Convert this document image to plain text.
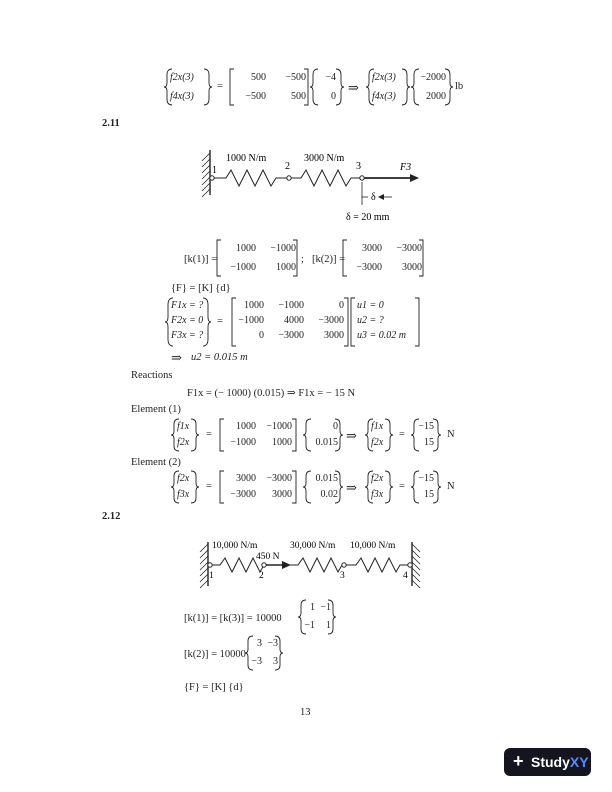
f2x(3)
f4x(3)
=
500	−500
−500	500
−4
0
⇒
f2x(3)
f4x(3)
−2000
2000
lb
2.11
1000 N/m	3000 N/m
1	2	3	F3
δ
δ = 20 mm
[k(1)] =
1000	−1000
−1000	1000
; [k(2)] =
3000	−3000
−3000	3000
{F} = [K] {d}
F1x = ?
F2x = 0
F3x = ?
=
1000	−1000	0
−1000	4000	−3000
0	−3000	3000
u1 = 0
u2 = ?
u3 = 0.02 m
⇒ u2 = 0.015 m
Reactions
F1x = (− 1000) (0.015) ⇒ F1x = − 15 N
Element (1)
f1x
f2x
=
1000	−1000
−1000	1000
0
0.015 ⇒
f1x
f2x
=
−15
15
N
Element (2)
f2x
f3x
=
3000	−3000
−3000	3000
0.015
0.02 ⇒
f2x
f3x
=
−15
15
N
2.12
10,000 N/m	30,000 N/m 10,000 N/m
450 N
1	2	3	4
[k(1)] = [k(3)] = 10000
1 −1
−1	1
[k(2)] = 10000
3 −3
−3	3
{F} = [K] {d}
13
+ StudyXY
